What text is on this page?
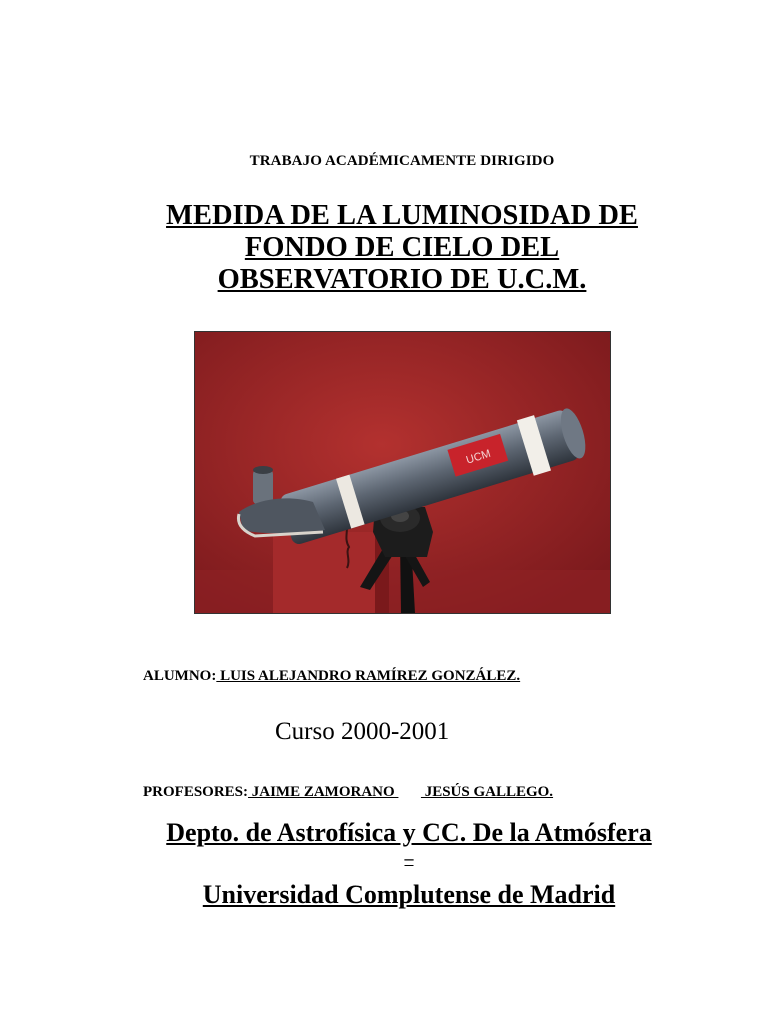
TRABAJO ACADÉMICAMENTE DIRIGIDO
MEDIDA DE LA LUMINOSIDAD DE
FONDO DE CIELO DEL
OBSERVATORIO DE U.C.M.
UCM
ALUMNO: LUIS ALEJANDRO RAMÍREZ GONZÁLEZ.
Curso 2000-2001
PROFESORES: JAIME ZAMORANO        JESÚS GALLEGO.
Depto. de Astrofísica y CC. De la Atmósfera
–
Universidad Complutense de Madrid
